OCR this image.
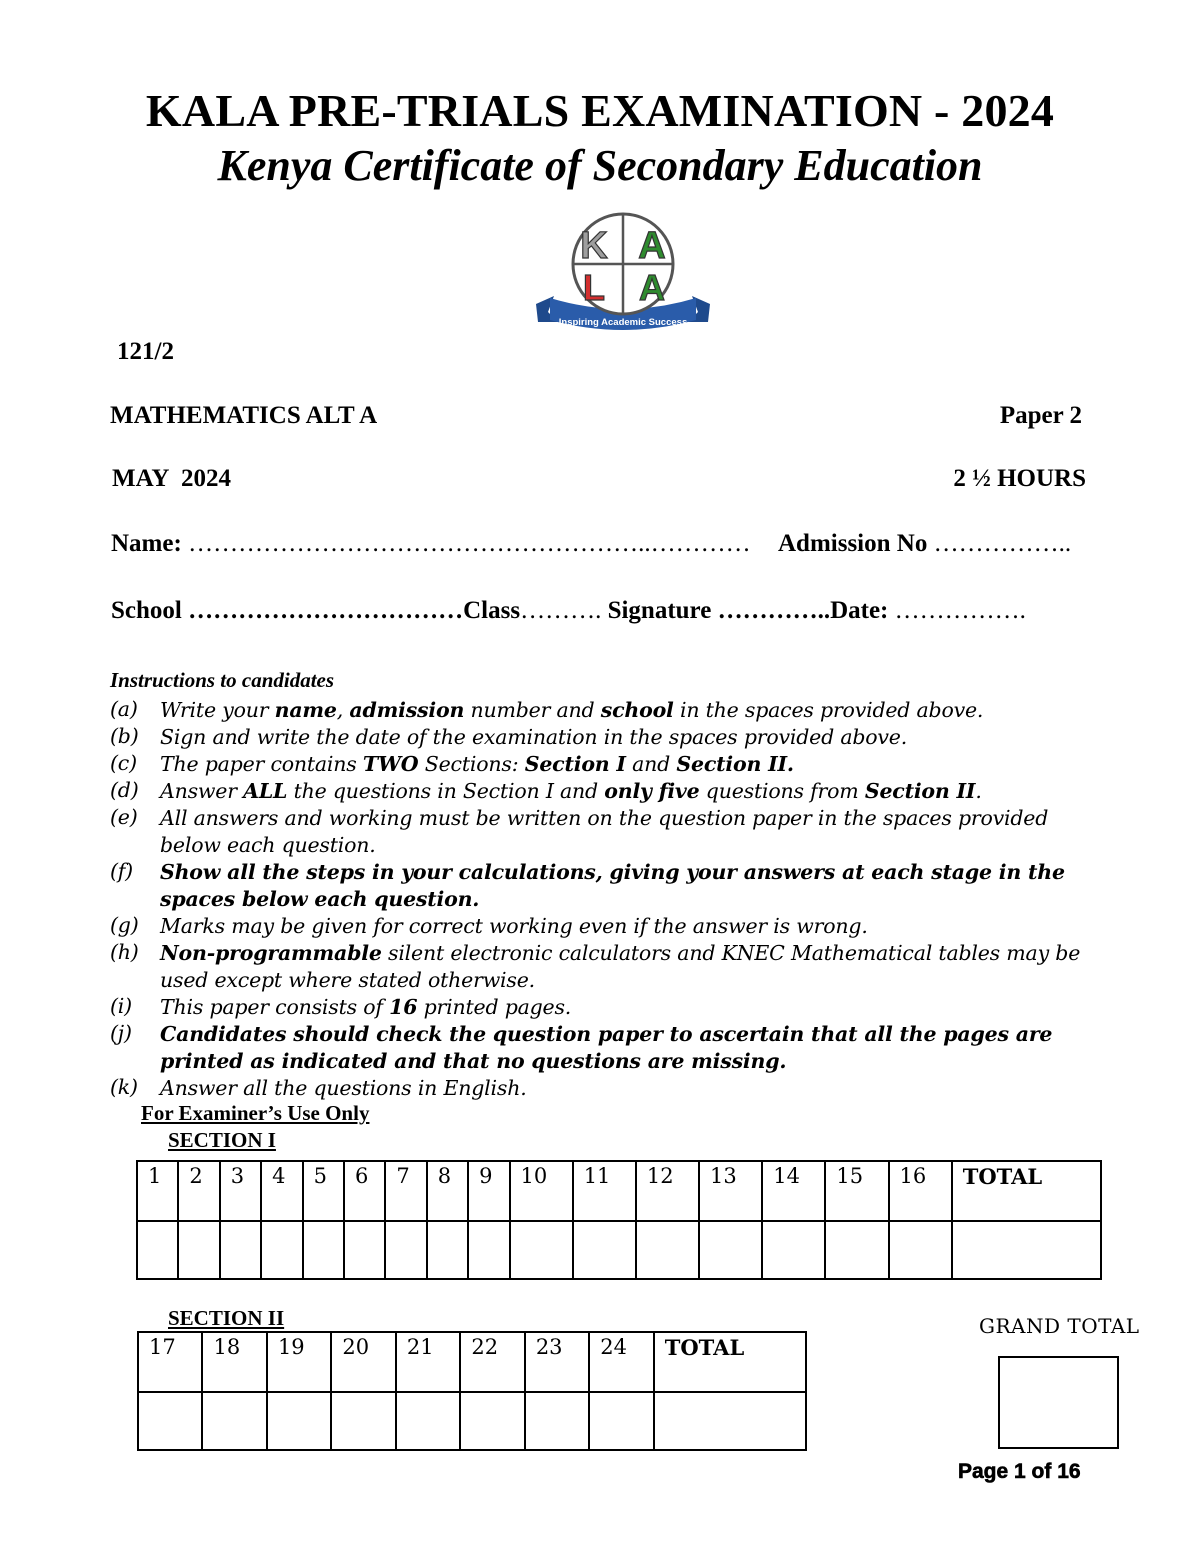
KALA PRE-TRIALS EXAMINATION - 2024
Kenya Certificate of Secondary Education
K A
L A
Inspiring Academic Success
121/2
MATHEMATICS ALT A	Paper 2
MAY  2024	2 ½ HOURS
Name: ………………………………………………..………… Admission No ……………..
School ……………………………Class………. Signature …………..Date: …………….
Instructions to candidates
(a)	Write your name, admission number and school in the spaces provided above.
(b)	Sign and write the date of the examination in the spaces provided above.
(c)	The paper contains TWO Sections: Section I and Section II.
(d)	Answer ALL the questions in Section I and only five questions from Section II.
(e)	All answers and working must be written on the question paper in the spaces provided below each question.
(f)	Show all the steps in your calculations, giving your answers at each stage in the spaces below each question.
(g)	Marks may be given for correct working even if the answer is wrong.
(h)	Non-programmable silent electronic calculators and KNEC Mathematical tables may be used except where stated otherwise.
(i)	This paper consists of 16 printed pages.
(j)	Candidates should check the question paper to ascertain that all the pages are printed as indicated and that no questions are missing.
(k)	Answer all the questions in English.
For Examiner’s Use Only
SECTION I
1	2	3	4	5	6	7	8	9	10	11	12	13	14	15	16	TOTAL

SECTION II
17	18	19	20	21	22	23	24	TOTAL

GRAND TOTAL
Page 1 of 16
